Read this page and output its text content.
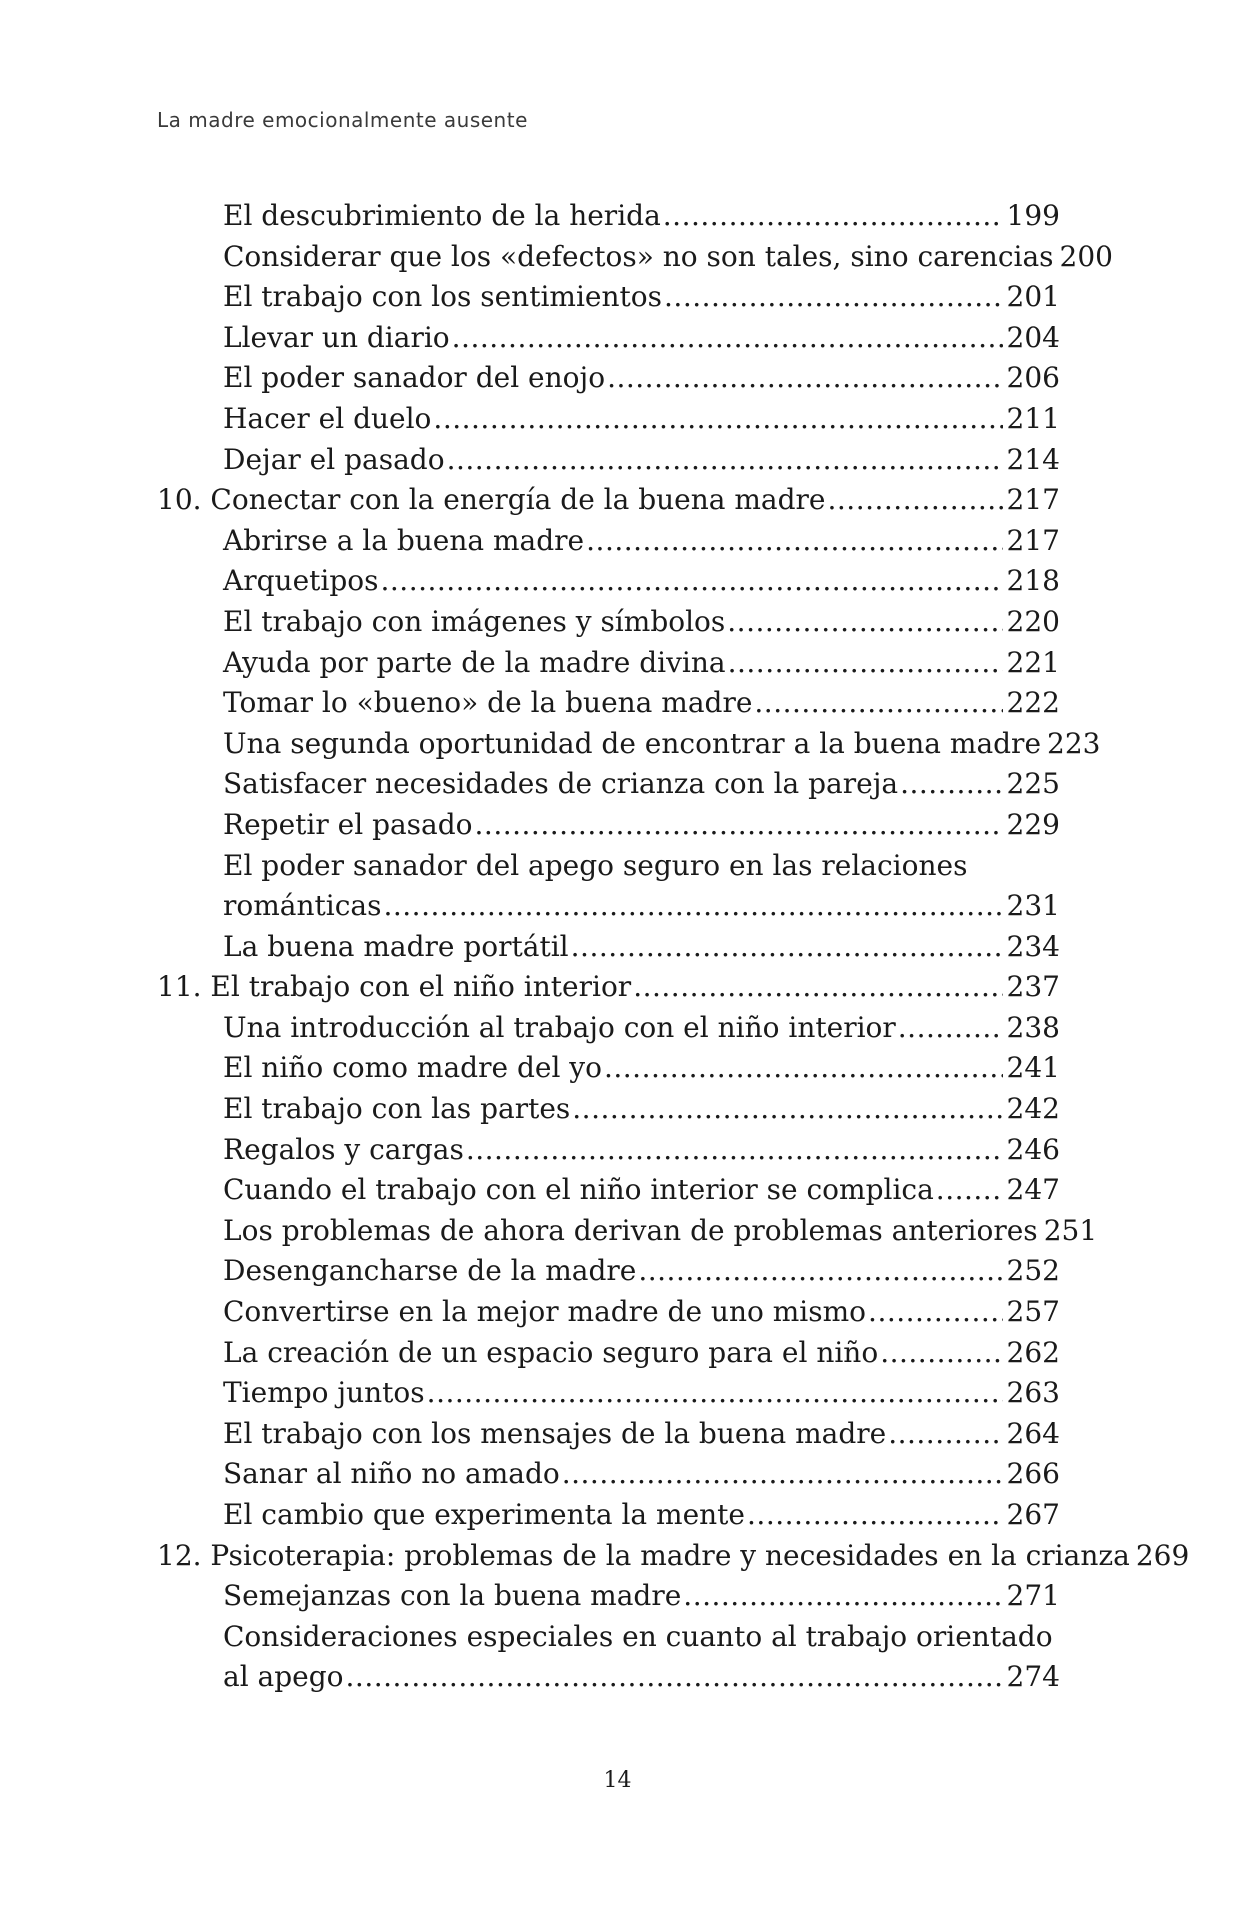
La madre emocionalmente ausente
El descubrimiento de la herida .....	199
Considerar que los «defectos» no son tales, sino carencias 200
El trabajo con los sentimientos .....	201
Llevar un diario .....	204
El poder sanador del enojo .....	206
Hacer el duelo .....	211
Dejar el pasado .....	214
10. Conectar con la energía de la buena madre .....	217
Abrirse a la buena madre .....	217
Arquetipos .....	218
El trabajo con imágenes y símbolos .....	220
Ayuda por parte de la madre divina .....	221
Tomar lo «bueno» de la buena madre .....	222
Una segunda oportunidad de encontrar a la buena madre 223
Satisfacer necesidades de crianza con la pareja .....	225
Repetir el pasado .....	229
El poder sanador del apego seguro en las relaciones
románticas .....	231
La buena madre portátil .....	234
11. El trabajo con el niño interior .....	237
Una introducción al trabajo con el niño interior .....	238
El niño como madre del yo .....	241
El trabajo con las partes .....	242
Regalos y cargas .....	246
Cuando el trabajo con el niño interior se complica .....	247
Los problemas de ahora derivan de problemas anteriores 251
Desengancharse de la madre .....	252
Convertirse en la mejor madre de uno mismo .....	257
La creación de un espacio seguro para el niño .....	262
Tiempo juntos .....	263
El trabajo con los mensajes de la buena madre .....	264
Sanar al niño no amado .....	266
El cambio que experimenta la mente .....	267
12. Psicoterapia: problemas de la madre y necesidades en la crianza 269
Semejanzas con la buena madre .....	271
Consideraciones especiales en cuanto al trabajo orientado
al apego .....	274
14
